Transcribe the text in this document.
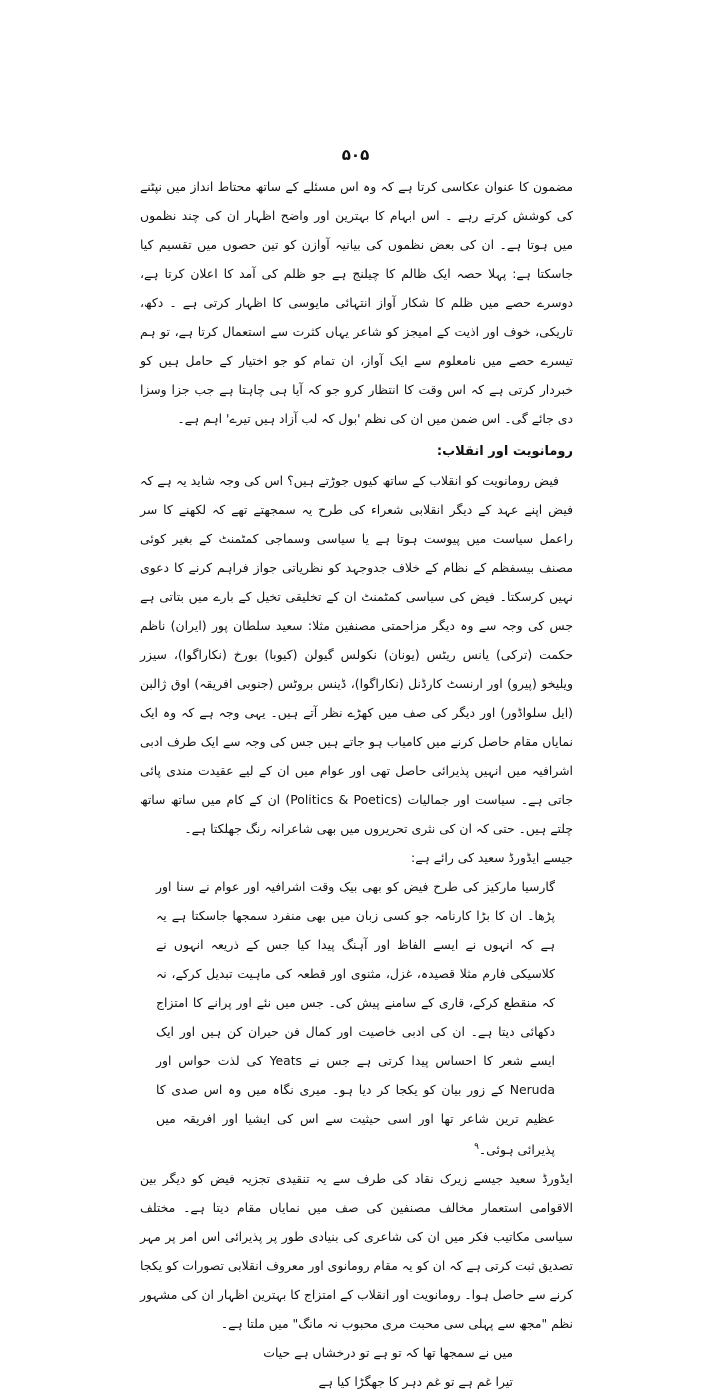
۵۰۵

مضمون کا عنوان عکاسی کرتا ہے کہ وہ اس مسئلے کے ساتھ محتاط انداز میں نپٹنے کی کوشش کرتے رہے ۔ اس ابہام کا بہترین اور واضح اظہار ان کی چند نظموں میں ہوتا ہے۔ ان کی بعض نظموں کی بیانیہ آوازن کو تین حصوں میں تقسیم کیا جاسکتا ہے: پہلا حصہ ایک ظالم کا چیلنج ہے جو ظلم کی آمد کا اعلان کرتا ہے، دوسرے حصے میں ظلم کا شکار آواز انتہائی مایوسی کا اظہار کرتی ہے ۔ دکھ، تاریکی، خوف اور اذیت کے امیجز کو شاعر یہاں کثرت سے استعمال کرتا ہے، تو ہم تیسرے حصے میں نامعلوم سے ایک آواز، ان تمام کو جو اختیار کے حامل ہیں کو خبردار کرتی ہے کہ اس وقت کا انتظار کرو جو کہ آیا ہی چاہتا ہے جب جزا وسزا دی جائے گی۔ اس ضمن میں ان کی نظم 'بول کہ لب آزاد ہیں تیرے' اہم ہے۔

رومانویت اور انقلاب:

فیض رومانویت کو انقلاب کے ساتھ کیوں جوڑتے ہیں؟ اس کی وجہ شاید یہ ہے کہ فیض اپنے عہد کے دیگر انقلابی شعراء کی طرح یہ سمجھتے تھے کہ لکھنے کا سر راعمل سیاست میں پیوست ہوتا ہے یا سیاسی وسماجی کمٹمنٹ کے بغیر کوئی مصنف بیسفظم کے نظام کے خلاف جدوجہد کو نظریاتی جواز فراہم کرنے کا دعوی نہیں کرسکتا۔ فیض کی سیاسی کمٹمنٹ ان کے تخلیقی تخیل کے بارے میں بتاتی ہے جس کی وجہ سے وہ دیگر مزاحمتی مصنفین مثلا: سعید سلطان پور (ایران) ناظم حکمت (ترکی) یانس ریٹس (یونان) نکولس گیولن (کیوبا) بورخ (نکاراگوا)، سیزر ویلیخو (پیرو) اور ارنسٹ کارڈنل (نکاراگوا)، ڈینس بروٹس (جنوبی افریقہ) اوق ژالبن (ایل سلواڈور) اور دیگر کی صف میں کھڑے نظر آتے ہیں۔ یہی وجہ ہے کہ وہ ایک نمایاں مقام حاصل کرنے میں کامیاب ہو جاتے ہیں جس کی وجہ سے ایک طرف ادبی اشرافیہ میں انہیں پذیرائی حاصل تھی اور عوام میں ان کے لیے عقیدت مندی پائی جاتی ہے۔ سیاست اور جمالیات (Politics & Poetics) ان کے کام میں ساتھ ساتھ چلتے ہیں۔ حتی کہ ان کی نثری تحریروں میں بھی شاعرانہ رنگ جھلکتا ہے۔

جیسے ایڈورڈ سعید کی رائے ہے:

گارسیا مارکیز کی طرح فیض کو بھی بیک وقت اشرافیہ اور عوام نے سنا اور پڑھا۔ ان کا بڑا کارنامہ جو کسی زبان میں بھی منفرد سمجھا جاسکتا ہے یہ ہے کہ انہوں نے ایسے الفاظ اور آہنگ پیدا کیا جس کے ذریعہ انہوں نے کلاسیکی فارم مثلا قصیدہ، غزل، مثنوی اور قطعہ کی ماہیت تبدیل کرکے، نہ کہ منقطع کرکے، قاری کے سامنے پیش کی۔ جس میں نئے اور پرانے کا امتزاج دکھائی دیتا ہے۔ ان کی ادبی خاصیت اور کمال فن حیران کن ہیں اور ایک ایسے شعر کا احساس پیدا کرتی ہے جس نے Yeats کی لذت حواس اور Neruda کے زور بیان کو یکجا کر دیا ہو۔ میری نگاہ میں وہ اس صدی کا عظیم ترین شاعر تھا اور اسی حیثیت سے اس کی ایشیا اور افریقہ میں پذیرائی ہوئی۔$^۹$

ایڈورڈ سعید جیسے زیرک نقاد کی طرف سے یہ تنقیدی تجزیہ فیض کو دیگر بین الاقوامی استعمار مخالف مصنفین کی صف میں نمایاں مقام دیتا ہے۔ مختلف سیاسی مکاتیب فکر میں ان کی شاعری کی بنیادی طور پر پذیرائی اس امر پر مہر تصدیق ثبت کرتی ہے کہ ان کو یہ مقام رومانوی اور معروف انقلابی تصورات کو یکجا کرنے سے حاصل ہوا۔ رومانویت اور انقلاب کے امتزاج کا بہترین اظہار ان کی مشہور نظم "مجھ سے پہلی سی محبت مری محبوب نہ مانگ" میں ملتا ہے۔

میں نے سمجھا تھا کہ تو ہے تو درخشاں ہے حیات

تیرا غم ہے تو غم دہر کا جھگڑا کیا ہے
